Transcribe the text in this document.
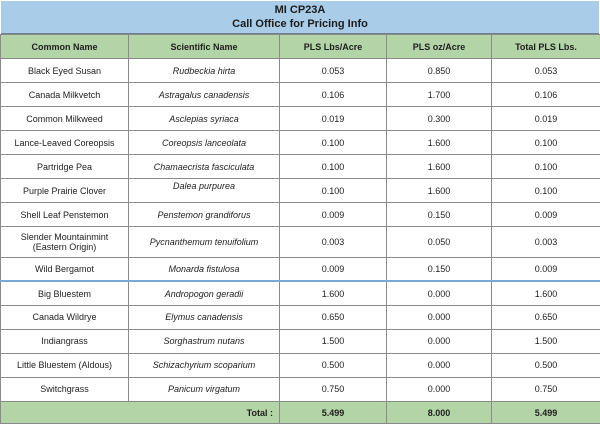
MI CP23A
Call Office for Pricing Info
Common Name	Scientific Name	PLS Lbs/Acre	PLS oz/Acre	Total PLS Lbs.
Black Eyed Susan	Rudbeckia hirta	0.053	0.850	0.053
Canada Milkvetch	Astragalus canadensis	0.106	1.700	0.106
Common Milkweed	Asclepias syriaca	0.019	0.300	0.019
Lance-Leaved Coreopsis	Coreopsis lanceolata	0.100	1.600	0.100
Partridge Pea	Chamaecrista fasciculata	0.100	1.600	0.100
Purple Prairie Clover	Dalea purpurea	0.100	1.600	0.100
Shell Leaf Penstemon	Penstemon grandiforus	0.009	0.150	0.009
Slender Mountainmint (Eastern Origin)	Pycnanthemum tenuifolium	0.003	0.050	0.003
Wild Bergamot	Monarda fistulosa	0.009	0.150	0.009
Big Bluestem	Andropogon geradii	1.600	0.000	1.600
Canada Wildrye	Elymus canadensis	0.650	0.000	0.650
Indiangrass	Sorghastrum nutans	1.500	0.000	1.500
Little Bluestem (Aldous)	Schizachyrium scoparium	0.500	0.000	0.500
Switchgrass	Panicum virgatum	0.750	0.000	0.750
Total :		5.499	8.000	5.499
